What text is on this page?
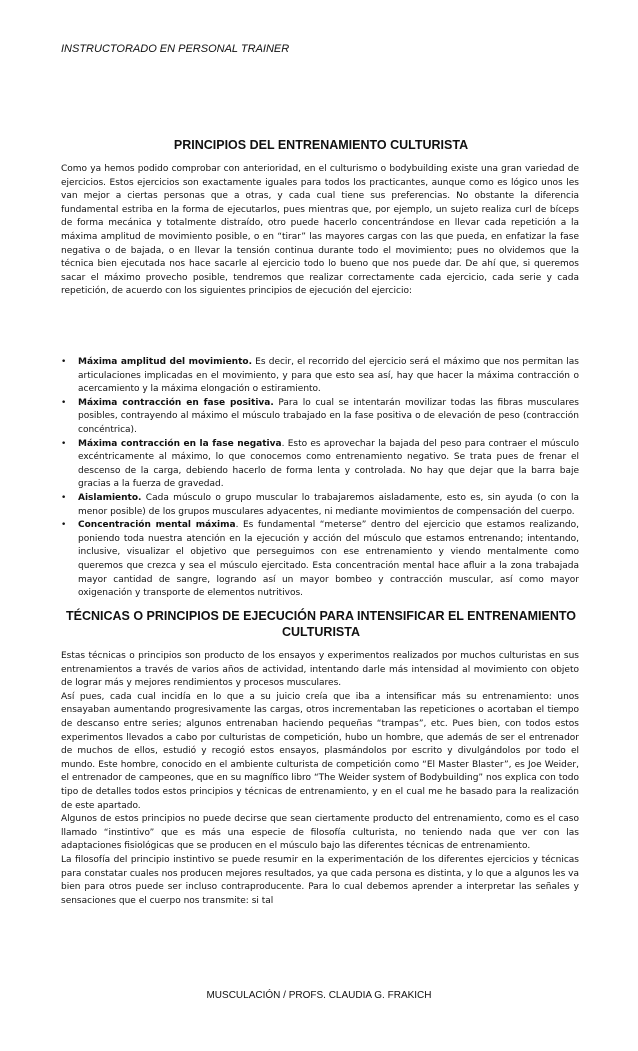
INSTRUCTORADO EN PERSONAL TRAINER
PRINCIPIOS DEL ENTRENAMIENTO CULTURISTA
Como ya hemos podido comprobar con anterioridad, en el culturismo o bodybuilding existe una gran variedad de ejercicios. Estos ejercicios son exactamente iguales para todos los practicantes, aunque como es lógico unos les van mejor a ciertas personas que a otras, y cada cual tiene sus preferencias. No obstante la diferencia fundamental estriba en la forma de ejecutarlos, pues mientras que, por ejemplo, un sujeto realiza curl de bíceps de forma mecánica y totalmente distraído, otro puede hacerlo concentrándose en llevar cada repetición a la máxima amplitud de movimiento posible, o en “tirar” las mayores cargas con las que pueda, en enfatizar la fase negativa o de bajada, o en llevar la tensión continua durante todo el movimiento; pues no olvidemos que la técnica bien ejecutada nos hace sacarle al ejercicio todo lo bueno que nos puede dar. De ahí que, si queremos sacar el máximo provecho posible, tendremos que realizar correctamente cada ejercicio, cada serie y cada repetición, de acuerdo con los siguientes principios de ejecución del ejercicio:
• Máxima amplitud del movimiento. Es decir, el recorrido del ejercicio será el máximo que nos permitan las articulaciones implicadas en el movimiento, y para que esto sea así, hay que hacer la máxima contracción o acercamiento y la máxima elongación o estiramiento.
• Máxima contracción en fase positiva. Para lo cual se intentarán movilizar todas las fibras musculares posibles, contrayendo al máximo el músculo trabajado en la fase positiva o de elevación de peso (contracción concéntrica).
• Máxima contracción en la fase negativa. Esto es aprovechar la bajada del peso para contraer el músculo excéntricamente al máximo, lo que conocemos como entrenamiento negativo. Se trata pues de frenar el descenso de la carga, debiendo hacerlo de forma lenta y controlada. No hay que dejar que la barra baje gracias a la fuerza de gravedad.
• Aislamiento. Cada músculo o grupo muscular lo trabajaremos aisladamente, esto es, sin ayuda (o con la menor posible) de los grupos musculares adyacentes, ni mediante movimientos de compensación del cuerpo.
• Concentración mental máxima. Es fundamental “meterse” dentro del ejercicio que estamos realizando, poniendo toda nuestra atención en la ejecución y acción del músculo que estamos entrenando; intentando, inclusive, visualizar el objetivo que perseguimos con ese entrenamiento y viendo mentalmente como queremos que crezca y sea el músculo ejercitado. Esta concentración mental hace afluir a la zona trabajada mayor cantidad de sangre, logrando así un mayor bombeo y contracción muscular, así como mayor oxigenación y transporte de elementos nutritivos.
TÉCNICAS O PRINCIPIOS DE EJECUCIÓN PARA INTENSIFICAR EL ENTRENAMIENTO CULTURISTA

Estas técnicas o principios son producto de los ensayos y experimentos realizados por muchos culturistas en sus entrenamientos a través de varios años de actividad, intentando darle más intensidad al movimiento con objeto de lograr más y mejores rendimientos y procesos musculares.

Así pues, cada cual incidía en lo que a su juicio creía que iba a intensificar más su entrenamiento: unos ensayaban aumentando progresivamente las cargas, otros incrementaban las repeticiones o acortaban el tiempo de descanso entre series; algunos entrenaban haciendo pequeñas “trampas”, etc. Pues bien, con todos estos experimentos llevados a cabo por culturistas de competición, hubo un hombre, que además de ser el entrenador de muchos de ellos, estudió y recogió estos ensayos, plasmándolos por escrito y divulgándolos por todo el mundo. Este hombre, conocido en el ambiente culturista de competición como “El Master Blaster”, es Joe Weider, el entrenador de campeones, que en su magnífico libro “The Weider system of Bodybuilding” nos explica con todo tipo de detalles todos estos principios y técnicas de entrenamiento, y en el cual me he basado para la realización de este apartado.

Algunos de estos principios no puede decirse que sean ciertamente producto del entrenamiento, como es el caso llamado “instintivo” que es más una especie de filosofía culturista, no teniendo nada que ver con las adaptaciones fisiológicas que se producen en el músculo bajo las diferentes técnicas de entrenamiento.

La filosofía del principio instintivo se puede resumir en la experimentación de los diferentes ejercicios y técnicas para constatar cuales nos producen mejores resultados, ya que cada persona es distinta, y lo que a algunos les va bien para otros puede ser incluso contraproducente. Para lo cual debemos aprender a interpretar las señales y sensaciones que el cuerpo nos transmite: si tal

MUSCULACIÓN / PROFS. CLAUDIA G. FRAKICH
